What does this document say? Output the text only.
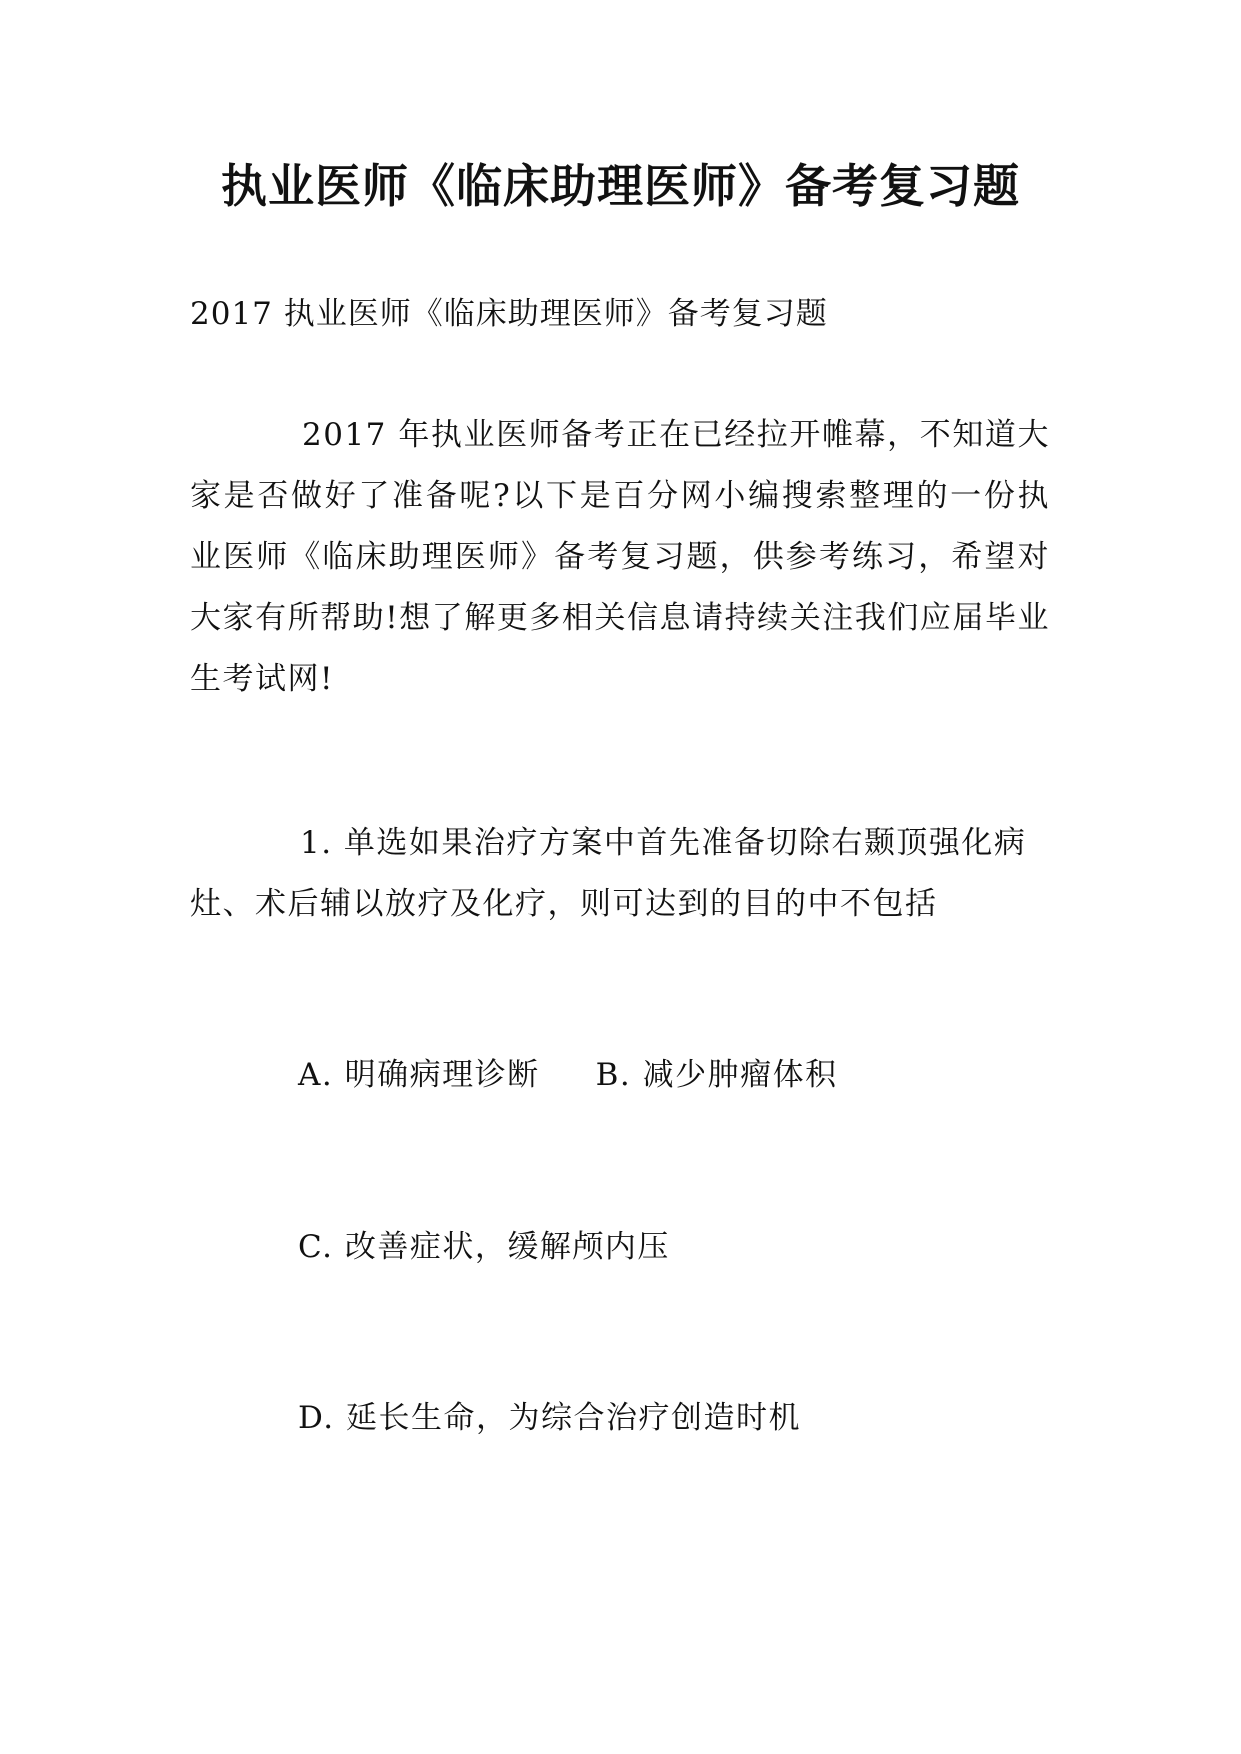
执业医师《临床助理医师》备考复习题

2017 执业医师《临床助理医师》备考复习题

2017 年执业医师备考正在已经拉开帷幕，不知道大家是否做好了准备呢?以下是百分网小编搜索整理的一份执业医师《临床助理医师》备考复习题，供参考练习，希望对大家有所帮助!想了解更多相关信息请持续关注我们应届毕业生考试网!

1. 单选如果治疗方案中首先准备切除右颞顶强化病灶、术后辅以放疗及化疗，则可达到的目的中不包括

A. 明确病理诊断 B. 减少肿瘤体积

C. 改善症状，缓解颅内压

D. 延长生命，为综合治疗创造时机
